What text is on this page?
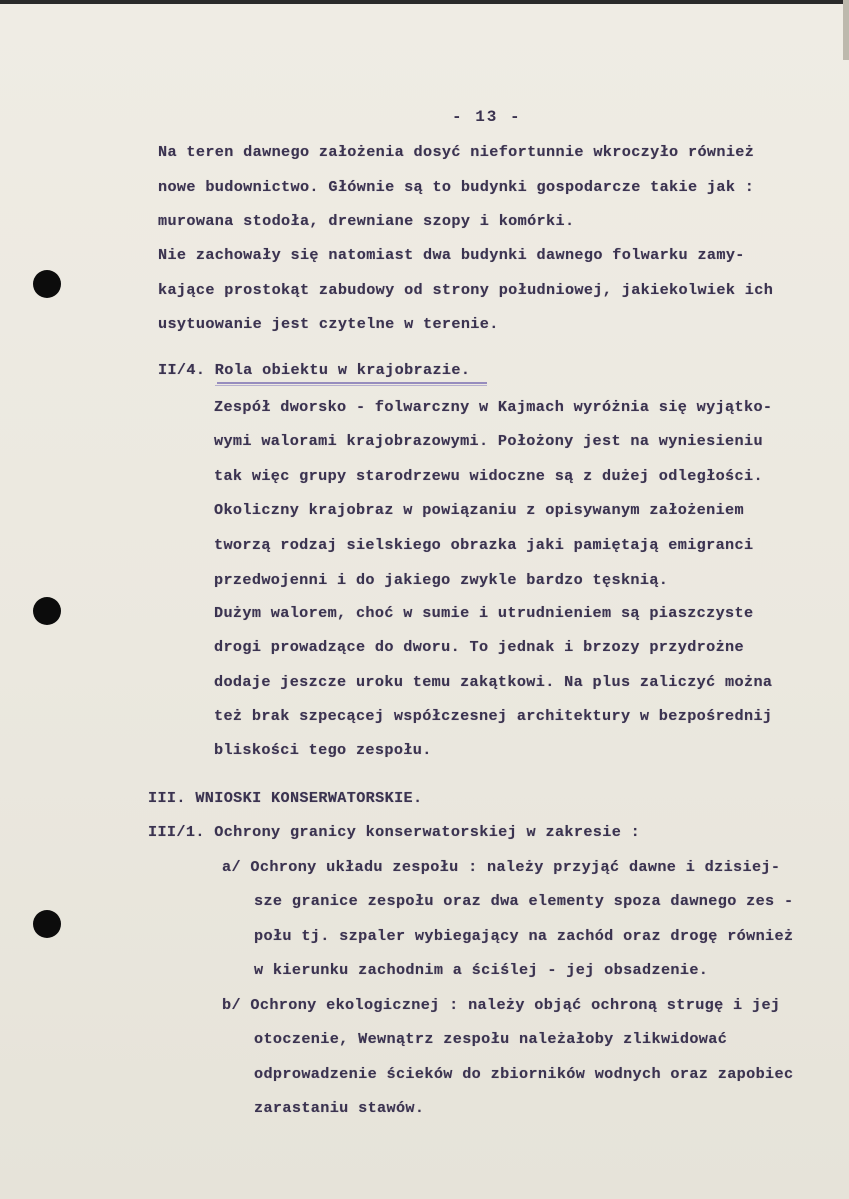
- 13 -
Na teren dawnego założenia dosyć niefortunnie wkroczyło również
nowe budownictwo. Głównie są to budynki gospodarcze takie jak :
murowana stodoła, drewniane szopy i komórki.
Nie zachowały się natomiast dwa budynki dawnego folwarku zamy-
kające prostokąt zabudowy od strony południowej, jakiekolwiek ich
usytuowanie jest czytelne w terenie.
II/4. Rola obiektu w krajobrazie.
Zespół dworsko - folwarczny w Kajmach wyróżnia się wyjątko-
wymi walorami krajobrazowymi. Położony jest na wyniesieniu
tak więc grupy starodrzewu widoczne są z dużej odległości.
Okoliczny krajobraz w powiązaniu z opisywanym założeniem
tworzą rodzaj sielskiego obrazka jaki pamiętają emigranci
przedwojenni i do jakiego zwykle bardzo tęsknią.
Dużym walorem, choć w sumie i utrudnieniem są piaszczyste
drogi prowadzące do dworu. To jednak i brzozy przydrożne
dodaje jeszcze uroku temu zakątkowi. Na plus zaliczyć można
też brak szpecącej współczesnej architektury w bezpośrednij
bliskości tego zespołu.
III. WNIOSKI KONSERWATORSKIE.
III/1. Ochrony granicy konserwatorskiej w zakresie :
a/ Ochrony układu zespołu : należy przyjąć dawne i dzisiej-
sze granice zespołu oraz dwa elementy spoza dawnego zes -
połu tj. szpaler wybiegający na zachód oraz drogę również
w kierunku zachodnim a ściślej - jej obsadzenie.
b/ Ochrony ekologicznej : należy objąć ochroną strugę i jej
otoczenie, Wewnątrz zespołu należałoby zlikwidować
odprowadzenie ścieków do zbiorników wodnych oraz zapobiec
zarastaniu stawów.
